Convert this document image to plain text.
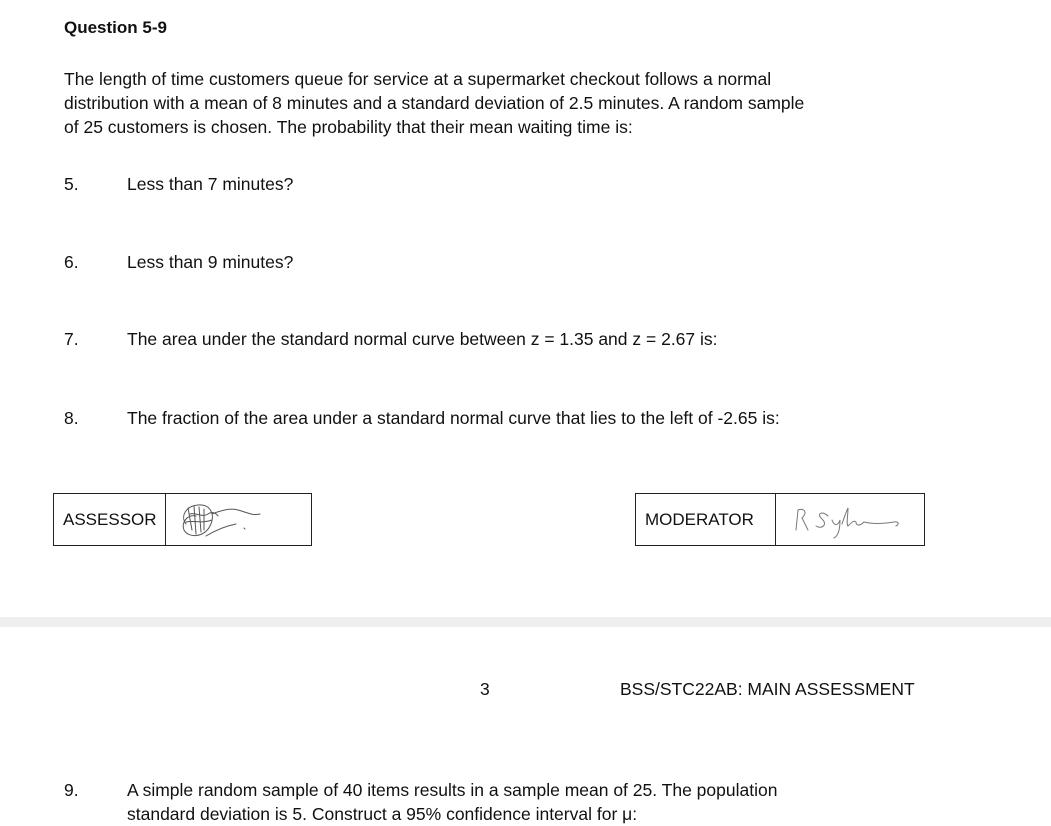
Question 5-9
The length of time customers queue for service at a supermarket checkout follows a normal
distribution with a mean of 8 minutes and a standard deviation of 2.5 minutes. A random sample
of 25 customers is chosen. The probability that their mean waiting time is:
5.	Less than 7 minutes?
6.	Less than 9 minutes?
7.	The area under the standard normal curve between z = 1.35 and z = 2.67 is:
8.	The fraction of the area under a standard normal curve that lies to the left of -2.65 is:
ASSESSOR	MODERATOR
3	BSS/STC22AB: MAIN ASSESSMENT
9.	A simple random sample of 40 items results in a sample mean of 25. The population
standard deviation is 5. Construct a 95% confidence interval for μ:
